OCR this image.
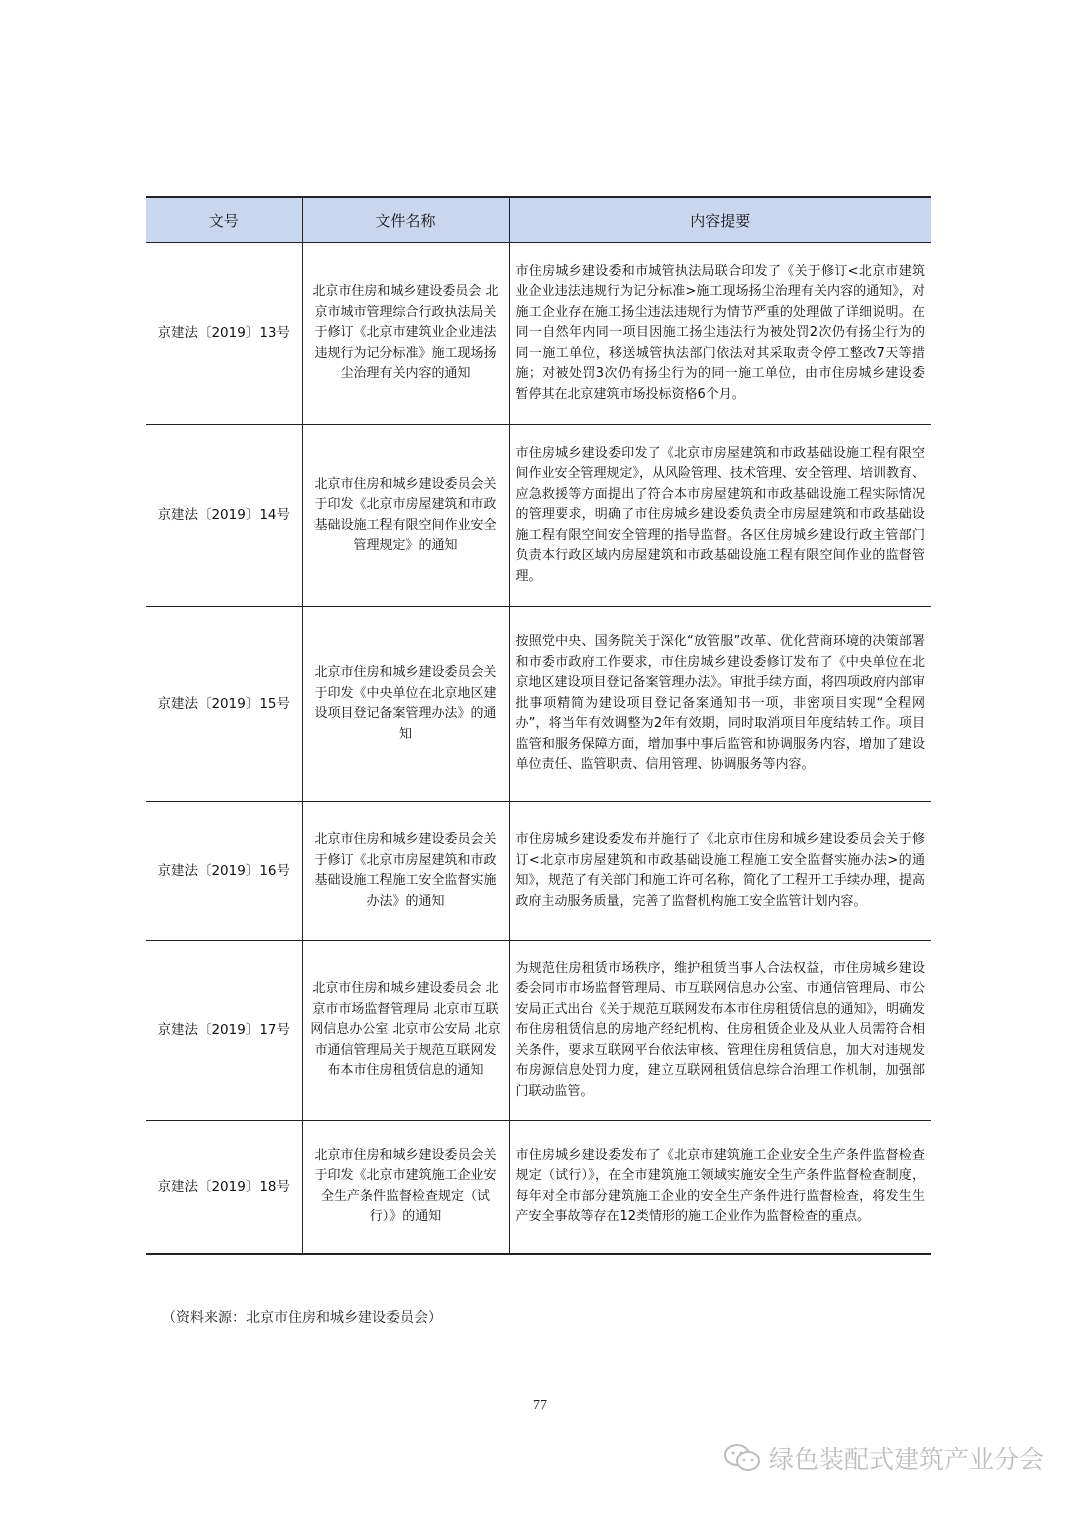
文号	文件名称	内容提要
京建法〔2019〕13号	北京市住房和城乡建设委员会 北京市城市管理综合行政执法局关于修订《北京市建筑业企业违法违规行为记分标准》施工现场扬尘治理有关内容的通知	市住房城乡建设委和市城管执法局联合印发了《关于修订<北京市建筑业企业违法违规行为记分标准>施工现场扬尘治理有关内容的通知》，对施工企业存在施工扬尘违法违规行为情节严重的处理做了详细说明。在同一自然年内同一项目因施工扬尘违法行为被处罚2次仍有扬尘行为的同一施工单位，移送城管执法部门依法对其采取责令停工整改7天等措施；对被处罚3次仍有扬尘行为的同一施工单位，由市住房城乡建设委暂停其在北京建筑市场投标资格6个月。
京建法〔2019〕14号	北京市住房和城乡建设委员会关于印发《北京市房屋建筑和市政基础设施工程有限空间作业安全管理规定》的通知	市住房城乡建设委印发了《北京市房屋建筑和市政基础设施工程有限空间作业安全管理规定》，从风险管理、技术管理、安全管理、培训教育、应急救援等方面提出了符合本市房屋建筑和市政基础设施工程实际情况的管理要求，明确了市住房城乡建设委负责全市房屋建筑和市政基础设施工程有限空间安全管理的指导监督。各区住房城乡建设行政主管部门负责本行政区域内房屋建筑和市政基础设施工程有限空间作业的监督管理。
京建法〔2019〕15号	北京市住房和城乡建设委员会关于印发《中央单位在北京地区建设项目登记备案管理办法》的通知	按照党中央、国务院关于深化“放管服”改革、优化营商环境的决策部署和市委市政府工作要求，市住房城乡建设委修订发布了《中央单位在北京地区建设项目登记备案管理办法》。审批手续方面，将四项政府内部审批事项精简为建设项目登记备案通知书一项，非密项目实现“全程网办”，将当年有效调整为2年有效期，同时取消项目年度结转工作。项目监管和服务保障方面，增加事中事后监管和协调服务内容，增加了建设单位责任、监管职责、信用管理、协调服务等内容。
京建法〔2019〕16号	北京市住房和城乡建设委员会关于修订《北京市房屋建筑和市政基础设施工程施工安全监督实施办法》的通知	市住房城乡建设委发布并施行了《北京市住房和城乡建设委员会关于修订<北京市房屋建筑和市政基础设施工程施工安全监督实施办法>的通知》，规范了有关部门和施工许可名称，简化了工程开工手续办理，提高政府主动服务质量，完善了监督机构施工安全监管计划内容。
京建法〔2019〕17号	北京市住房和城乡建设委员会 北京市市场监督管理局 北京市互联网信息办公室 北京市公安局 北京市通信管理局关于规范互联网发布本市住房租赁信息的通知	为规范住房租赁市场秩序，维护租赁当事人合法权益，市住房城乡建设委会同市市场监督管理局、市互联网信息办公室、市通信管理局、市公安局正式出台《关于规范互联网发布本市住房租赁信息的通知》，明确发布住房租赁信息的房地产经纪机构、住房租赁企业及从业人员需符合相关条件，要求互联网平台依法审核、管理住房租赁信息，加大对违规发布房源信息处罚力度，建立互联网租赁信息综合治理工作机制，加强部门联动监管。
京建法〔2019〕18号	北京市住房和城乡建设委员会关于印发《北京市建筑施工企业安全生产条件监督检查规定（试行）》的通知	市住房城乡建设委发布了《北京市建筑施工企业安全生产条件监督检查规定（试行）》，在全市建筑施工领域实施安全生产条件监督检查制度，每年对全市部分建筑施工企业的安全生产条件进行监督检查，将发生生产安全事故等存在12类情形的施工企业作为监督检查的重点。
（资料来源：北京市住房和城乡建设委员会）
77
绿色装配式建筑产业分会
